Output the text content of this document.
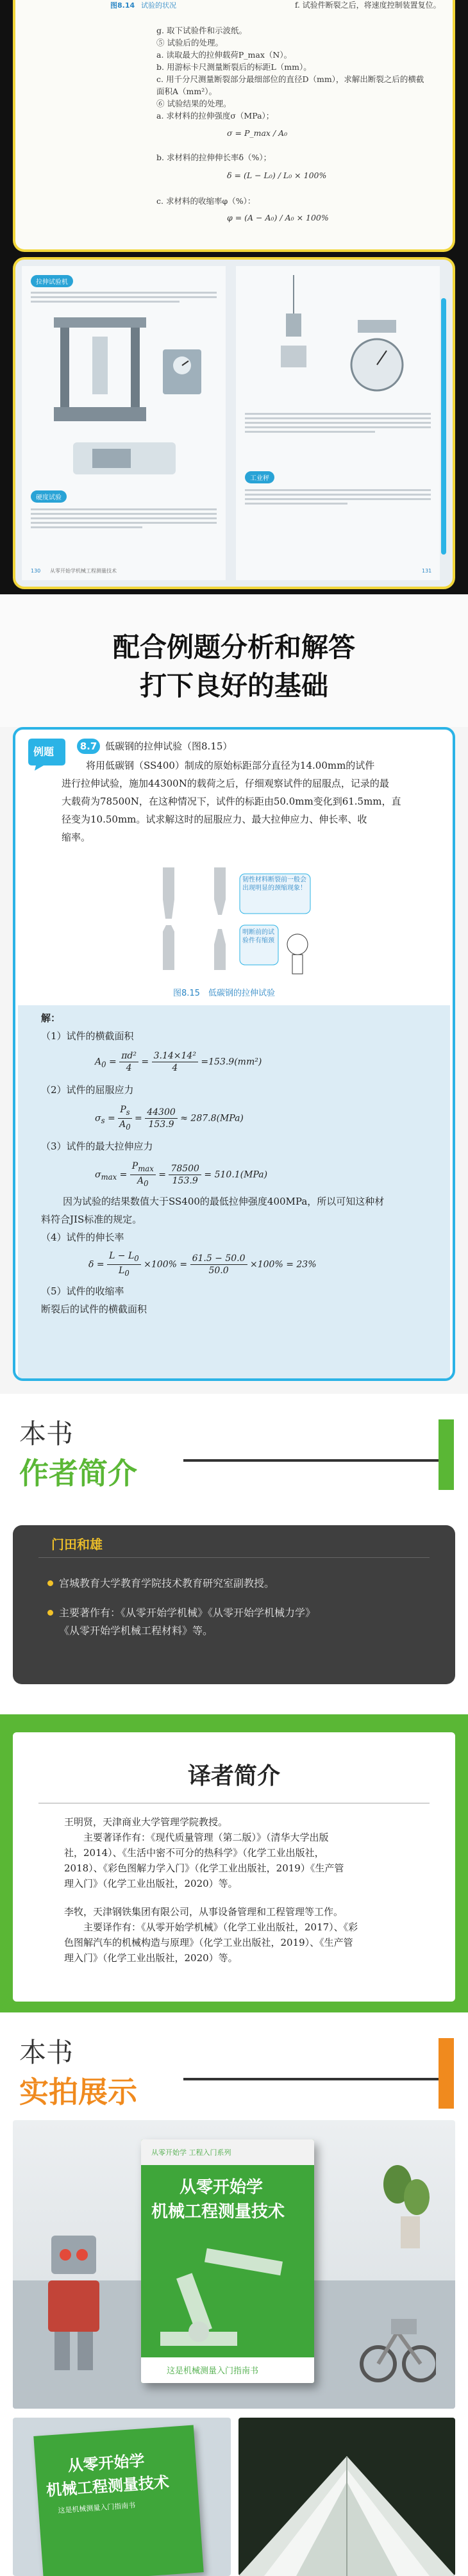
图8.14 试验的状况	f. 试验件断裂之后，将速度控制装置复位。
g. 取下试验件和示波纸。
⑤ 试验后的处理。
a. 读取最大的拉伸载荷P_max（N）。
b. 用游标卡尺测量断裂后的标距L（mm）。
c. 用千分尺测量断裂部分最细部位的直径D（mm），求解出断裂之后的横截
面积A（mm²）。
⑥ 试验结果的处理。
a. 求材料的拉伸强度σ（MPa）；
σ = P_max / A₀
b. 求材料的拉伸伸长率δ（%）；
δ = (L − L₀) / L₀ × 100%
c. 求材料的收缩率φ（%）：
φ = (A − A₀) / A₀ × 100%
拉伸试验机
硬度试验
130 从零开始学机械工程测量技术
工业秤
131
配合例题分析和解答
打下良好的基础
例题	8.7 低碳钢的拉伸试验（图8.15）
将用低碳钢（SS400）制成的原始标距部分直径为14.00mm的试件
进行拉伸试验，施加44300N的载荷之后，仔细观察试件的屈服点，记录的最
大载荷为78500N，在这种情况下，试件的标距由50.0mm变化到61.5mm，直
径变为10.50mm。试求解这时的屈服应力、最大拉伸应力、伸长率、收
缩率。
韧性材料断裂前一般会出现明显的颈缩现象！
明断前的试验件有缩颈
图8.15　低碳钢的拉伸试验
解：
（1）试件的横截面积
$A_0 = \frac{\text{πd²}}{4} = \frac{\text{3.14×14²}}{4} =153.9(mm^2)$
（2）试件的屈服应力
$\sigma_s = \frac{P_s}{A_0} = \frac{44300}{153.9} \approx 287.8(MPa)$
（3）试件的最大拉伸应力
$\sigma_{max} = \frac{P_{max}}{A_0} = \frac{78500}{153.9} = 510.1(MPa)$
因为试验的结果数值大于SS400的最低拉伸强度400MPa，所以可知这种材
料符合JIS标准的规定。
（4）试件的伸长率
$\delta = \frac{L - L_0}{L_0} \times 100\% = \frac{61.5 - 50.0}{50.0} \times 100\% = 23\%$
（5）试件的收缩率
断裂后的试件的横截面积
本书
作者简介
门田和雄
宫城教育大学教育学院技术教育研究室副教授。
主要著作有：《从零开始学机械》《从零开始学机械力学》
《从零开始学机械工程材料》等。
译者简介
王明贤，天津商业大学管理学院教授。
主要著译作有：《现代质量管理（第二版）》（清华大学出版
社，2014）、《生活中密不可分的热科学》（化学工业出版社，
2018）、《彩色图解力学入门》（化学工业出版社，2019）《生产管
理入门》（化学工业出版社，2020）等。
李牧，天津钢铁集团有限公司，从事设备管理和工程管理等工作。
主要译作有：《从零开始学机械》（化学工业出版社，2017）、《彩
色图解汽车的机械构造与原理》（化学工业出版社，2019）、《生产管
理入门》（化学工业出版社，2020）等。
本书
实拍展示
从零开始学 工程入门系列
从零开始学
机械工程测量技术
这是机械测量入门指南书
从零开始学
机械工程测量技术
这是机械测量入门指南书
